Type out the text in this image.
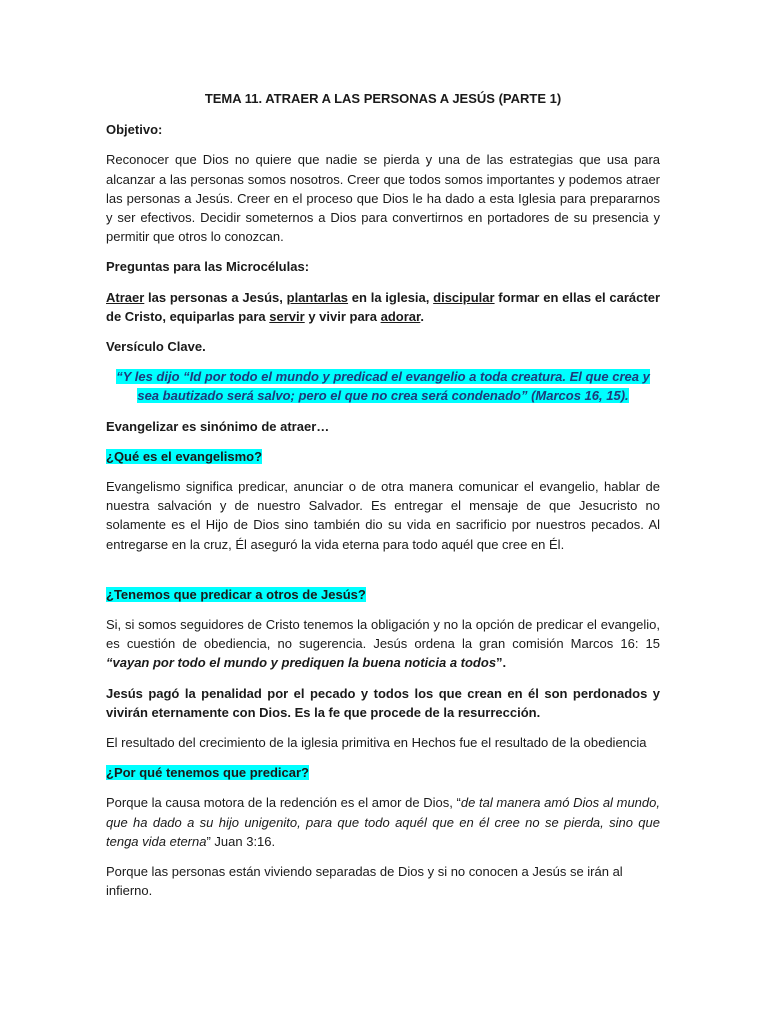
TEMA 11. ATRAER A LAS PERSONAS A JESÚS (PARTE 1)

Objetivo:

Reconocer que Dios no quiere que nadie se pierda y una de las estrategias que usa para alcanzar a las personas somos nosotros. Creer que todos somos importantes y podemos atraer las personas a Jesús. Creer en el proceso que Dios le ha dado a esta Iglesia para prepararnos y ser efectivos. Decidir someternos a Dios para convertirnos en portadores de su presencia y permitir que otros lo conozcan.

Preguntas para las Microcélulas:

Atraer las personas a Jesús, plantarlas en la iglesia, discipular formar en ellas el carácter de Cristo, equiparlas para servir y vivir para adorar.

Versículo Clave.

“Y les dijo “Id por todo el mundo y predicad el evangelio a toda creatura. El que crea y sea bautizado será salvo; pero el que no crea será condenado” (Marcos 16, 15).

Evangelizar es sinónimo de atraer…

¿Qué es el evangelismo?

Evangelismo significa predicar, anunciar o de otra manera comunicar el evangelio, hablar de nuestra salvación y de nuestro Salvador. Es entregar el mensaje de que Jesucristo no solamente es el Hijo de Dios sino también dio su vida en sacrificio por nuestros pecados. Al entregarse en la cruz, Él aseguró la vida eterna para todo aquél que cree en Él.

¿Tenemos que predicar a otros de Jesús?

Si, si somos seguidores de Cristo tenemos la obligación y no la opción de predicar el evangelio, es cuestión de obediencia, no sugerencia. Jesús ordena la gran comisión Marcos 16: 15 “vayan por todo el mundo y prediquen la buena noticia a todos”.

Jesús pagó la penalidad por el pecado y todos los que crean en él son perdonados y vivirán eternamente con Dios. Es la fe que procede de la resurrección.

El resultado del crecimiento de la iglesia primitiva en Hechos fue el resultado de la obediencia

¿Por qué tenemos que predicar?

Porque la causa motora de la redención es el amor de Dios, “de tal manera amó Dios al mundo, que ha dado a su hijo unigenito, para que todo aquél que en él cree no se pierda, sino que tenga vida eterna” Juan 3:16.

Porque las personas están viviendo separadas de Dios y si no conocen a Jesús se irán al infierno.
